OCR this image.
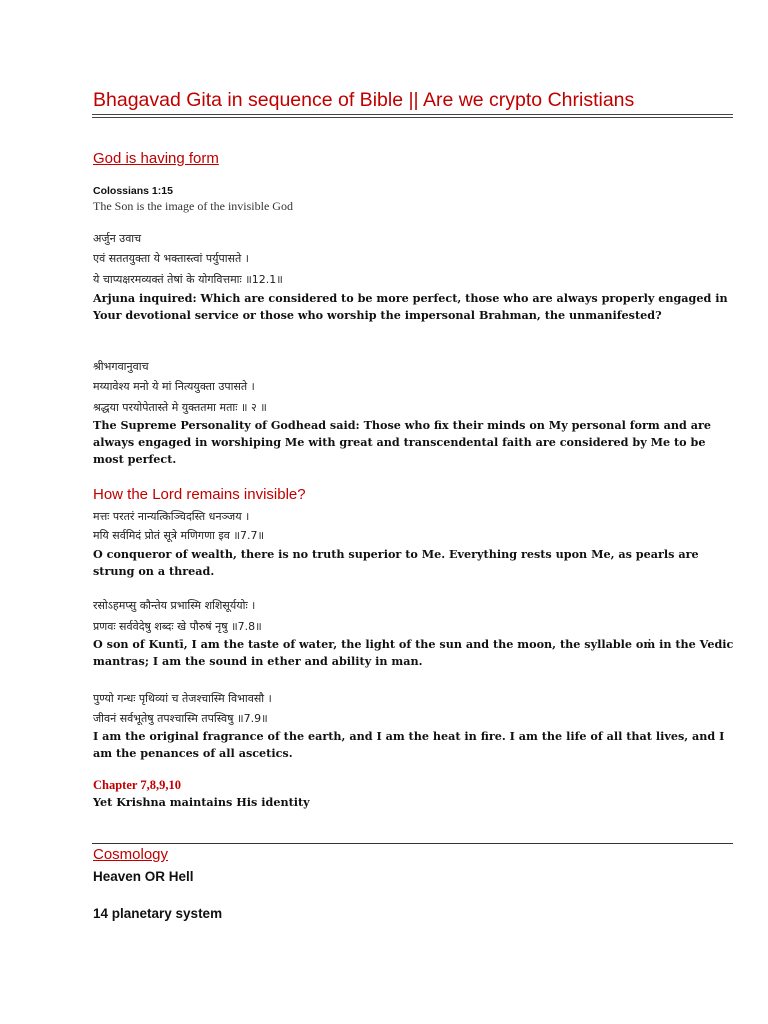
Bhagavad Gita in sequence of Bible || Are we crypto Christians
God is having form
Colossians 1:15
The Son is the image of the invisible God
अर्जुन उवाच
एवं सततयुक्ता ये भक्तास्त्वां पर्युपासते ।
ये चाप्यक्षरमव्यक्तं तेषां के योगवित्तमाः ॥12.1॥
Arjuna inquired: Which are considered to be more perfect, those who are always properly engaged in Your devotional service or those who worship the impersonal Brahman, the unmanifested?
श्रीभगवानुवाच
मय्यावेश्य मनो ये मां नित्ययुक्ता उपासते ।
श्रद्धया परयोपेतास्ते मे युक्ततमा मताः ॥ २ ॥
The Supreme Personality of Godhead said: Those who fix their minds on My personal form and are always engaged in worshiping Me with great and transcendental faith are considered by Me to be most perfect.
How the Lord remains invisible?
मत्तः परतरं नान्यत्किञ्चिदस्ति धनञ्जय ।
मयि सर्वमिदं प्रोतं सूत्रे मणिगणा इव ॥7.7॥
O conqueror of wealth, there is no truth superior to Me. Everything rests upon Me, as pearls are strung on a thread.
रसोऽहमप्सु कौन्तेय प्रभास्मि शशिसूर्ययोः ।
प्रणवः सर्ववेदेषु शब्दः खे पौरुषं नृषु ॥7.8॥
O son of Kuntī, I am the taste of water, the light of the sun and the moon, the syllable oṁ in the Vedic mantras; I am the sound in ether and ability in man.
पुण्यो गन्धः पृथिव्यां च तेजश्चास्मि विभावसौ ।
जीवनं सर्वभूतेषु तपश्चास्मि तपस्विषु ॥7.9॥
I am the original fragrance of the earth, and I am the heat in fire. I am the life of all that lives, and I am the penances of all ascetics.
Chapter 7,8,9,10
Yet Krishna maintains His identity
Cosmology
Heaven OR Hell
14 planetary system
